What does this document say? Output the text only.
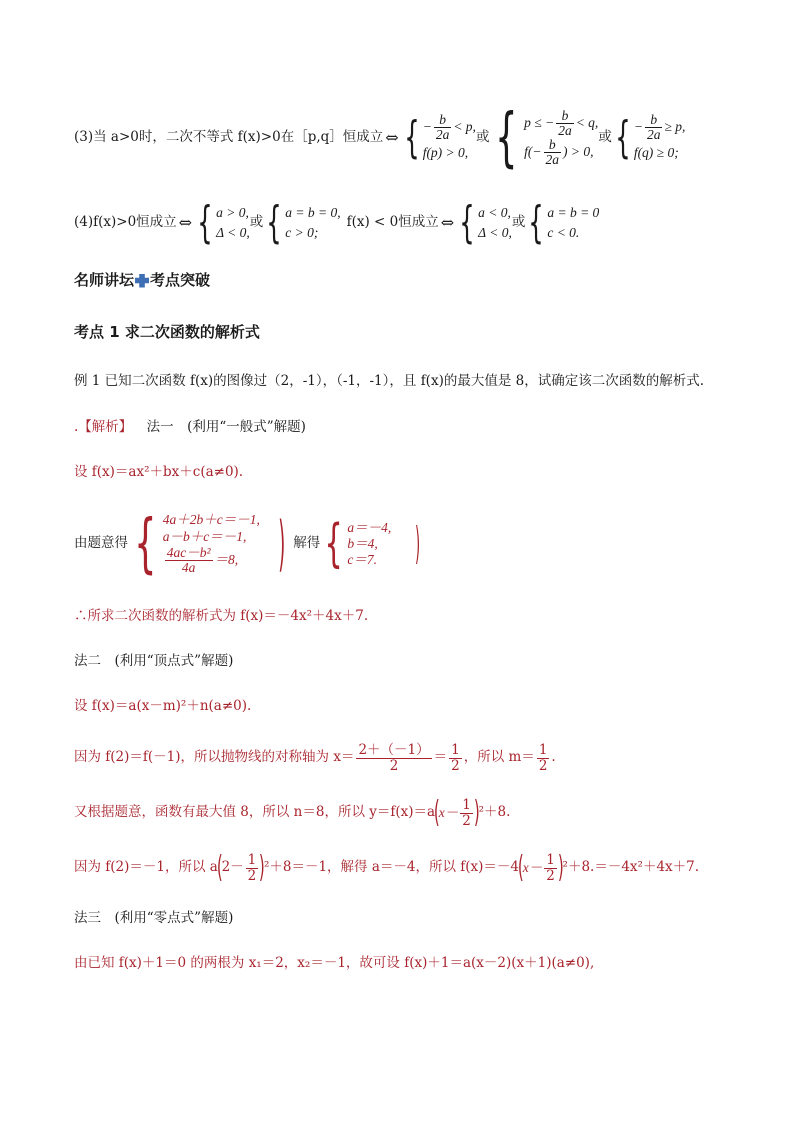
(3)当 a>0时，二次不等式 f(x)>0在［p,q］恒成立 ⇔ { − $\frac{b}{2a} < p$,
f(p) > 0,
或 { p ≤ − $\frac{b}{2a} < q$,
$f(- \frac{b}{2a}$ ) > 0,
或 { − $\frac{b}{2a} \ge p$,
f(q) ≥ 0;
(4)f(x)>0恒成立 ⇔ { a > 0,
Δ < 0,
或 { a = b = 0,
c > 0;
f(x) < 0恒成立 ⇔ { a < 0,
Δ < 0,
或 { a = b = 0
c < 0.
名师讲坛 考点突破
考点 1 求二次函数的解析式
例 1 已知二次函数 f(x)的图像过（2，-1），（-1，-1），且 f(x)的最大值是 8，试确定该二次函数的解析式.
.【解析】 法一　(利用“一般式”解题)
设 f(x)＝ax²＋bx＋c(a≠0).
由题意得 { 4a＋2b＋c＝－1,
a－b＋c＝－1,
$\frac{\text{4ac－b²}}{4a} =8$, ) 解得 { a＝－4,
b＝4,
c＝7. )
∴所求二次函数的解析式为 f(x)＝－4x²＋4x＋7.
法二　(利用“顶点式”解题)
设 f(x)＝a(x－m)²＋n(a≠0).
因为 f(2)＝f(－1)，所以抛物线的对称轴为 $x= \frac{2+(-1)}{2} = \frac{1}{2}$ ，所以 $m= \frac{1}{2}$ .
又根据题意，函数有最大值 8，所以 n＝8，所以 y＝f(x)＝a
(
$x- \frac{1}{2}$ )
²＋8.
因为 f(2)＝－1，所以 a
(
$2- \frac{1}{2}$ )
²＋8＝－1，解得 a＝－4，所以 f(x)＝－4
(
$x- \frac{1}{2}$ )
²＋8.＝－4x²＋4x＋7.
法三　(利用“零点式”解题)
由已知 f(x)＋1＝0 的两根为 x₁＝2，x₂＝－1，故可设 f(x)＋1＝a(x－2)(x＋1)(a≠0),
